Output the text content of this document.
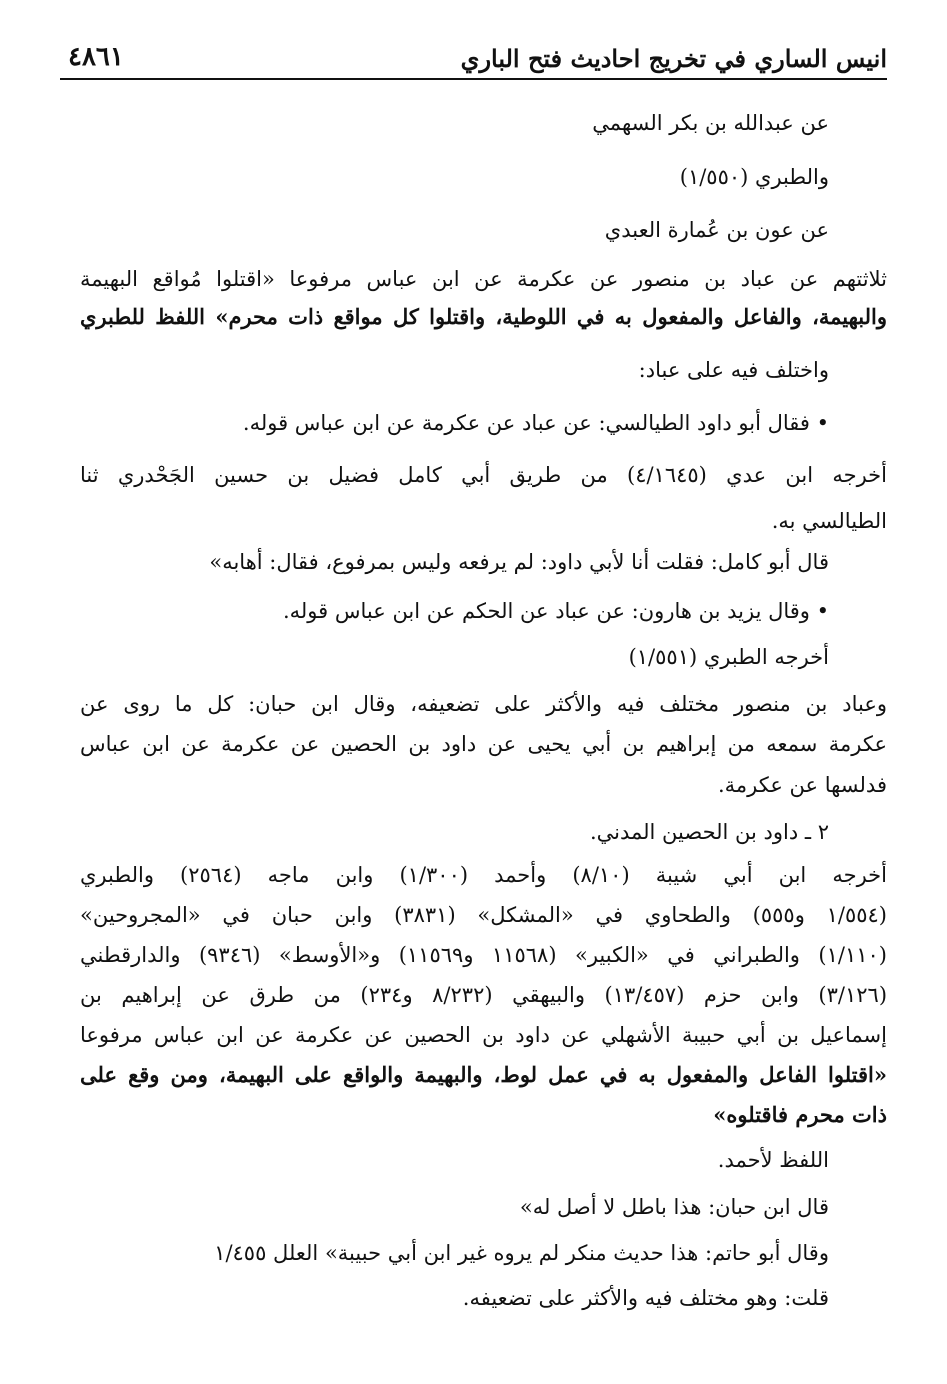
انيس الساري في تخريج احاديث فتح الباري
٤٨٦١
عن عبدالله بن بكر السهمي
والطبري (١/٥٥٠)
عن عون بن عُمارة العبدي
ثلاثتهم عن عباد بن منصور عن عكرمة عن ابن عباس مرفوعا «اقتلوا مُواقع البهيمة
والبهيمة، والفاعل والمفعول به في اللوطية، واقتلوا كل مواقع ذات محرم» اللفظ للطبري
واختلف فيه على عباد:
• فقال أبو داود الطيالسي: عن عباد عن عكرمة عن ابن عباس قوله.
أخرجه ابن عدي (٤/١٦٤٥) من طريق أبي كامل فضيل بن حسين الجَحْدري ثنا
الطيالسي به.
قال أبو كامل: فقلت أنا لأبي داود: لم يرفعه وليس بمرفوع، فقال: أهابه»
• وقال يزيد بن هارون: عن عباد عن الحكم عن ابن عباس قوله.
أخرجه الطبري (١/٥٥١)
وعباد بن منصور مختلف فيه والأكثر على تضعيفه، وقال ابن حبان: كل ما روى عن
عكرمة سمعه من إبراهيم بن أبي يحيى عن داود بن الحصين عن عكرمة عن ابن عباس
فدلسها عن عكرمة.
٢ ـ داود بن الحصين المدني.
أخرجه ابن أبي شيبة (٨/١٠) وأحمد (١/٣٠٠) وابن ماجه (٢٥٦٤) والطبري
(١/٥٥٤ و٥٥٥) والطحاوي في «المشكل» (٣٨٣١) وابن حبان في «المجروحين»
(١/١١٠) والطبراني في «الكبير» (١١٥٦٨ و١١٥٦٩) و«الأوسط» (٩٣٤٦) والدارقطني
(٣/١٢٦) وابن حزم (١٣/٤٥٧) والبيهقي (٨/٢٣٢ و٢٣٤) من طرق عن إبراهيم بن
إسماعيل بن أبي حبيبة الأشهلي عن داود بن الحصين عن عكرمة عن ابن عباس مرفوعا
«اقتلوا الفاعل والمفعول به في عمل لوط، والبهيمة والواقع على البهيمة، ومن وقع على
ذات محرم فاقتلوه»
اللفظ لأحمد.
قال ابن حبان: هذا باطل لا أصل له»
وقال أبو حاتم: هذا حديث منكر لم يروه غير ابن أبي حبيبة» العلل ١/٤٥٥
قلت: وهو مختلف فيه والأكثر على تضعيفه.
